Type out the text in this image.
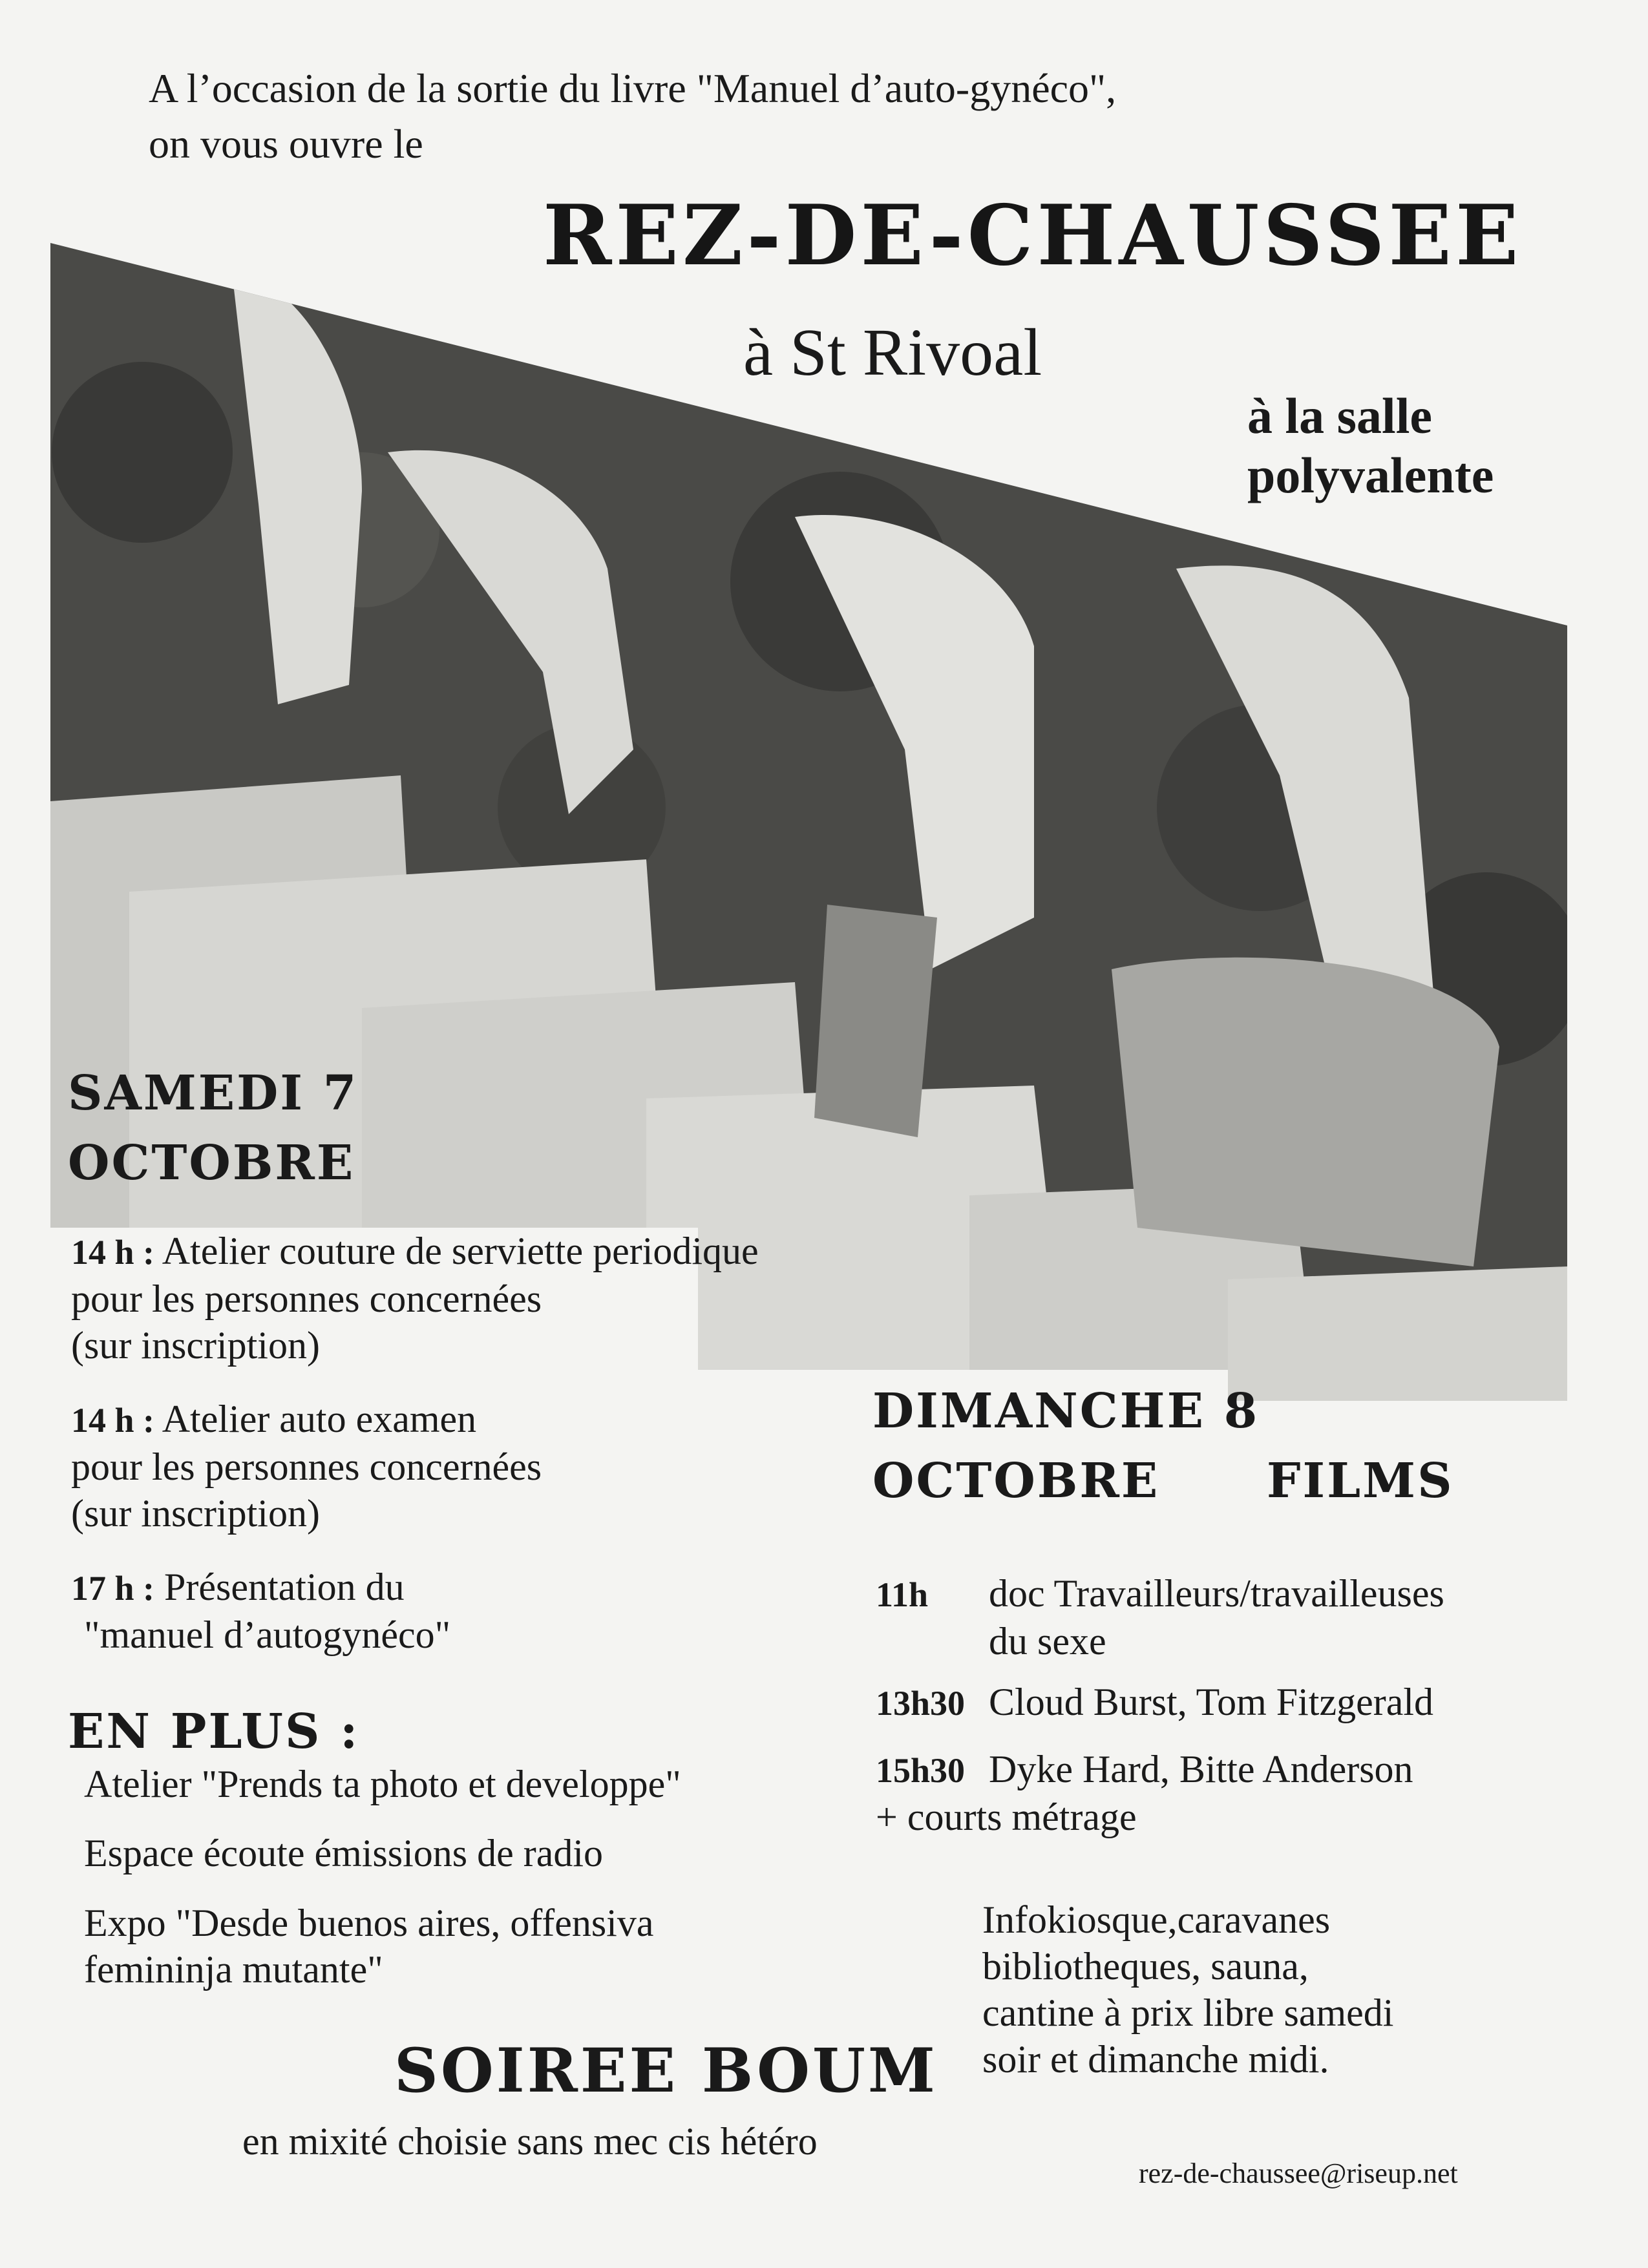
A l’occasion de la sortie du livre "Manuel d’auto-gynéco",
on vous ouvre le
REZ-DE-CHAUSSEE
à St Rivoal
à la salle
polyvalente
SAMEDI 7
OCTOBRE
14 h : Atelier couture de serviette periodique
pour les personnes concernées
(sur inscription)
14 h : Atelier auto examen
pour les personnes concernées
(sur inscription)
17 h : Présentation du
"manuel d’autogynéco"
EN PLUS :
Atelier "Prends ta photo et developpe"
Espace écoute émissions de radio
Expo "Desde buenos aires, offensiva
femininja mutante"
SOIREE BOUM
en mixité choisie sans mec cis hétéro
DIMANCHE 8
OCTOBRE	FILMS
11h doc Travailleurs/travailleuses
du sexe
13h30 Cloud Burst, Tom Fitzgerald
15h30 Dyke Hard, Bitte Anderson
+ courts métrage
Infokiosque,caravanes
bibliotheques, sauna,
cantine à prix libre samedi
soir et dimanche midi.
rez-de-chaussee@riseup.net
